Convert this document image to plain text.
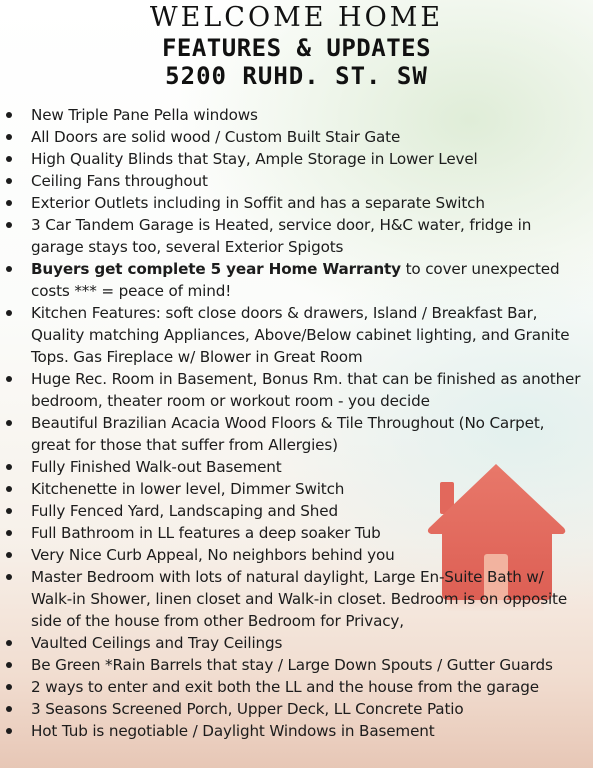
WELCOME HOME
FEATURES & UPDATES
5200 RUHD. ST. SW
New Triple Pane Pella windows
All Doors are solid wood / Custom Built Stair Gate
High Quality Blinds that Stay, Ample Storage in Lower Level
Ceiling Fans throughout
Exterior Outlets including in Soffit and has a separate Switch
3 Car Tandem Garage is Heated, service door, H&C water, fridge in garage stays too, several Exterior Spigots
Buyers get complete 5 year Home Warranty to cover unexpected costs *** = peace of mind!
Kitchen Features: soft close doors & drawers, Island / Breakfast Bar, Quality matching Appliances, Above/Below cabinet lighting, and Granite Tops. Gas Fireplace w/ Blower in Great Room
Huge Rec. Room in Basement, Bonus Rm. that can be finished as another bedroom, theater room or workout room - you decide
Beautiful Brazilian Acacia Wood Floors & Tile Throughout (No Carpet, great for those that suffer from Allergies)
Fully Finished Walk-out Basement
Kitchenette in lower level, Dimmer Switch
Fully Fenced Yard, Landscaping and Shed
Full Bathroom in LL features a deep soaker Tub
Very Nice Curb Appeal, No neighbors behind you
Master Bedroom with lots of natural daylight, Large En-Suite Bath w/ Walk-in Shower, linen closet and Walk-in closet. Bedroom is on opposite side of the house from other Bedroom for Privacy,
Vaulted Ceilings and Tray Ceilings
Be Green *Rain Barrels that stay / Large Down Spouts / Gutter Guards
2 ways to enter and exit both the LL and the house from the garage
3 Seasons Screened Porch, Upper Deck, LL Concrete Patio
Hot Tub is negotiable / Daylight Windows in Basement
